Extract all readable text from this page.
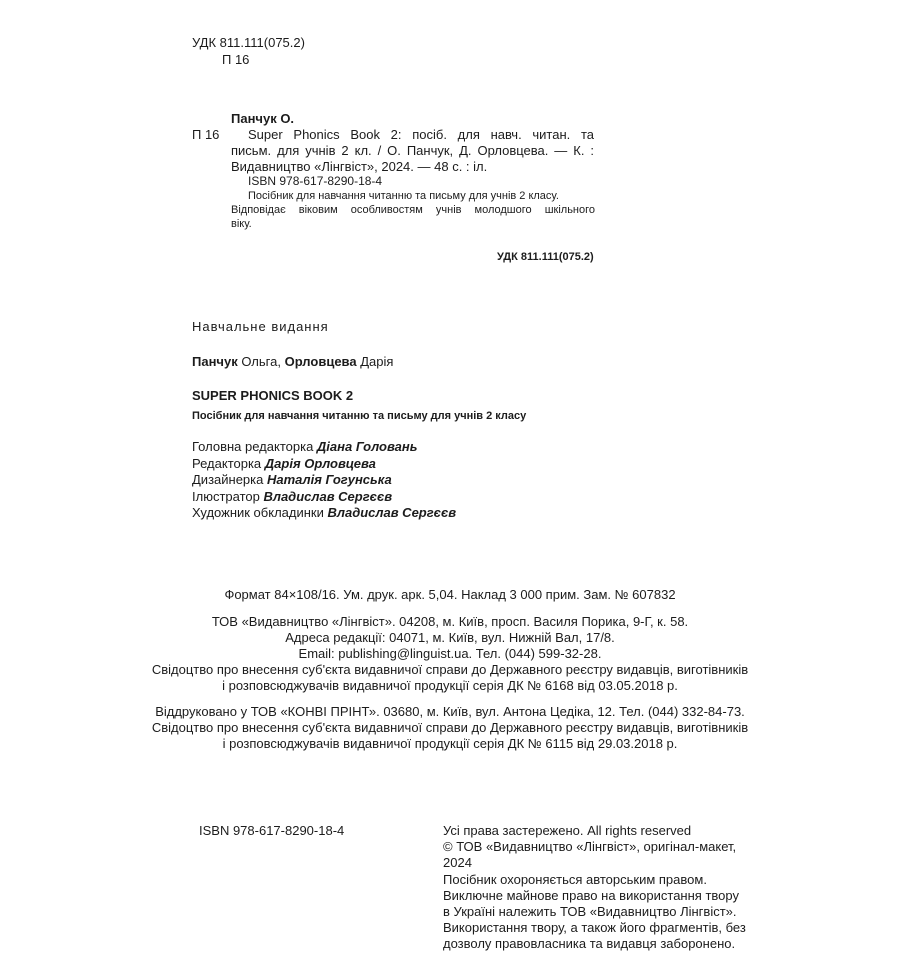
УДК 811.111(075.2)
П 16
Панчук О.
П 16 Super Phonics Book 2: посіб. для навч. читан. та
письм. для учнів 2 кл. / О. Панчук, Д. Орловцева. — К. :
Видавництво «Лінгвіст», 2024. — 48 с. : іл.
ISBN 978-617-8290-18-4
Посібник для навчання читанню та письму для учнів 2 класу.
Відповідає віковим особливостям учнів молодшого шкільного
віку.
УДК 811.111(075.2)
Навчальне видання
Панчук Ольга, Орловцева Дарія
SUPER PHONICS BOOK 2
Посібник для навчання читанню та письму для учнів 2 класу
Головна редакторка Діана Головань
Редакторка Дарія Орловцева
Дизайнерка Наталія Гогунська
Ілюстратор Владислав Сергєєв
Художник обкладинки Владислав Сергєєв
Формат 84×108/16. Ум. друк. арк. 5,04. Наклад 3 000 прим. Зам. № 607832
ТОВ «Видавництво «Лінгвіст». 04208, м. Київ, просп. Василя Порика, 9-Г, к. 58.
Адреса редакції: 04071, м. Київ, вул. Нижній Вал, 17/8.
Email: publishing@linguist.ua. Тел. (044) 599-32-28.
Свідоцтво про внесення суб'єкта видавничої справи до Державного реєстру видавців, виготівників
і розповсюджувачів видавничої продукції серія ДК № 6168 від 03.05.2018 р.
Віддруковано у ТОВ «КОНВІ ПРІНТ». 03680, м. Київ, вул. Антона Цедіка, 12. Тел. (044) 332-84-73.
Свідоцтво про внесення суб'єкта видавничої справи до Державного реєстру видавців, виготівників
і розповсюджувачів видавничої продукції серія ДК № 6115 від 29.03.2018 р.
ISBN 978-617-8290-18-4	Усі права застережено. All rights reserved
© ТОВ «Видавництво «Лінгвіст», оригінал-макет,
2024
Посібник охороняється авторським правом.
Виключне майнове право на використання твору
в Україні належить ТОВ «Видавництво Лінгвіст».
Використання твору, а також його фрагментів, без
дозволу правовласника та видавця заборонено.
